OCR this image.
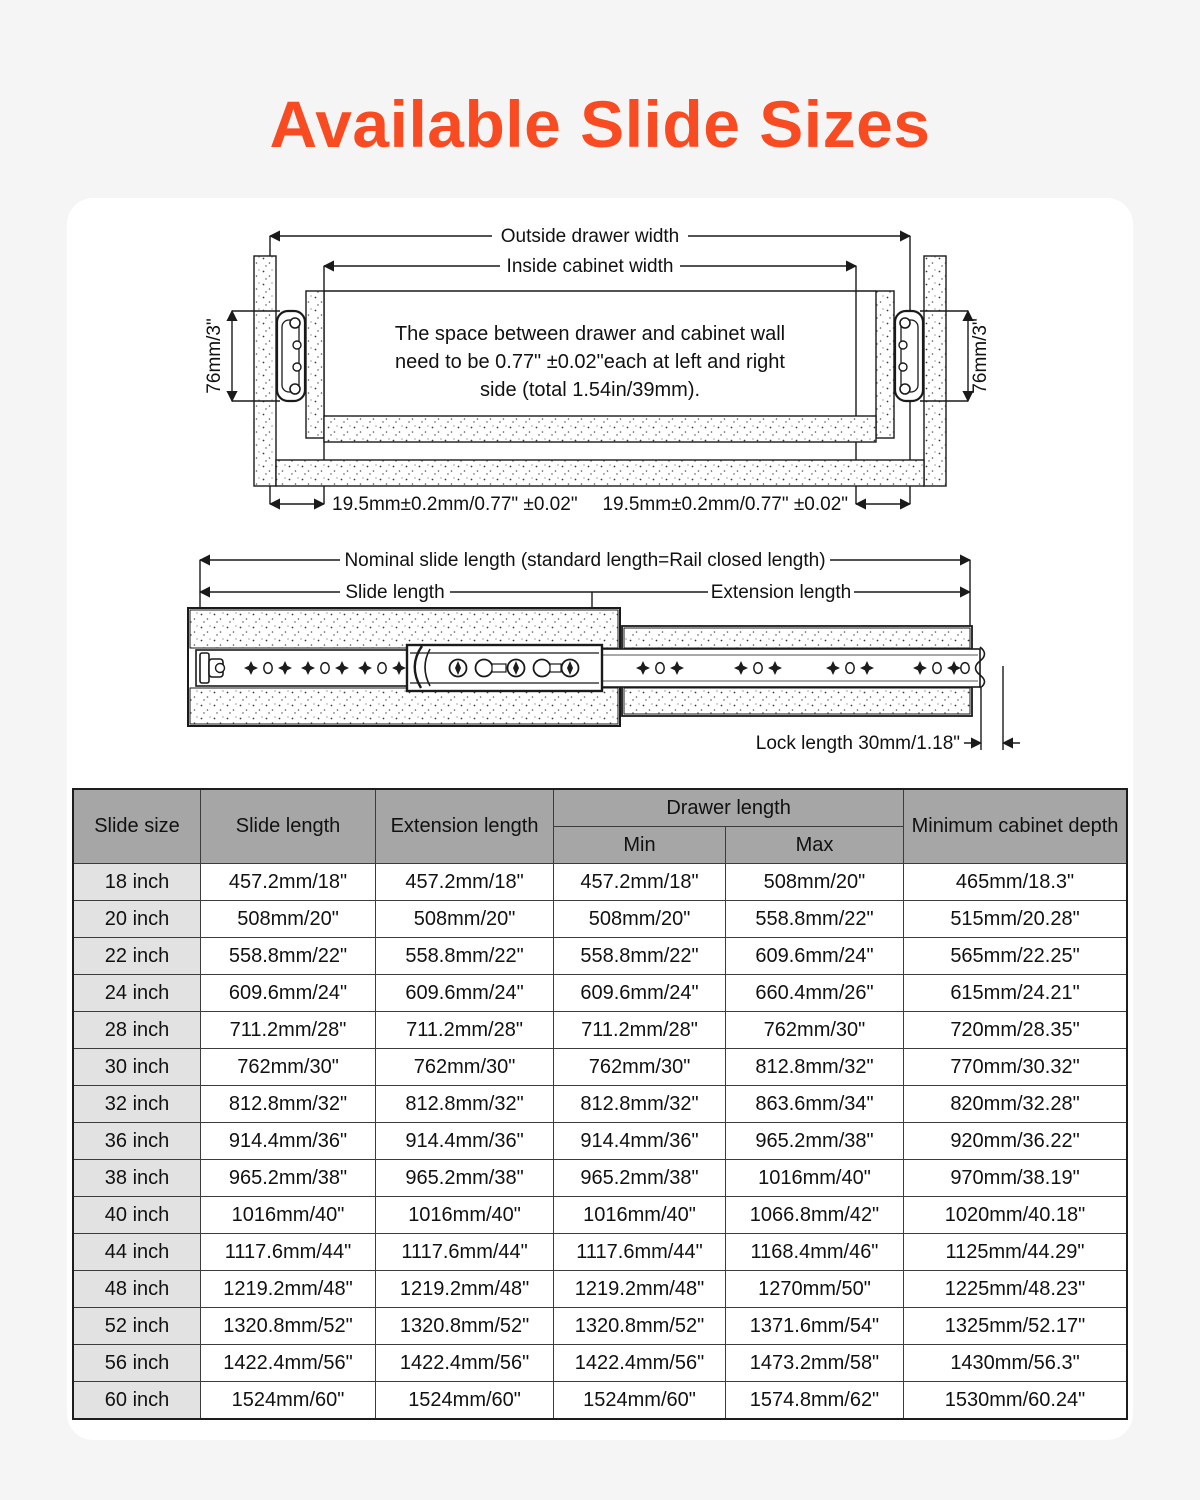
Available Slide Sizes
Outside drawer width
Inside cabinet width
76mm/3"	76mm/3"
The space between drawer and cabinet wall
need to be 0.77" ±0.02"each at left and right
side (total 1.54in/39mm).
19.5mm±0.2mm/0.77" ±0.02" 19.5mm±0.2mm/0.77" ±0.02"
Nominal slide length (standard length=Rail closed length)
Slide length	Extension length
Lock length 30mm/1.18"
Slide size	Slide length	Extension length	Drawer length		Minimum cabinet depth
			Min	Max	
18 inch	457.2mm/18"	457.2mm/18"	457.2mm/18"	508mm/20"	465mm/18.3"
20 inch	508mm/20"	508mm/20"	508mm/20"	558.8mm/22"	515mm/20.28"
22 inch	558.8mm/22"	558.8mm/22"	558.8mm/22"	609.6mm/24"	565mm/22.25"
24 inch	609.6mm/24"	609.6mm/24"	609.6mm/24"	660.4mm/26"	615mm/24.21"
28 inch	711.2mm/28"	711.2mm/28"	711.2mm/28"	762mm/30"	720mm/28.35"
30 inch	762mm/30"	762mm/30"	762mm/30"	812.8mm/32"	770mm/30.32"
32 inch	812.8mm/32"	812.8mm/32"	812.8mm/32"	863.6mm/34"	820mm/32.28"
36 inch	914.4mm/36"	914.4mm/36"	914.4mm/36"	965.2mm/38"	920mm/36.22"
38 inch	965.2mm/38"	965.2mm/38"	965.2mm/38"	1016mm/40"	970mm/38.19"
40 inch	1016mm/40"	1016mm/40"	1016mm/40"	1066.8mm/42"	1020mm/40.18"
44 inch	1117.6mm/44"	1117.6mm/44"	1117.6mm/44"	1168.4mm/46"	1125mm/44.29"
48 inch	1219.2mm/48"	1219.2mm/48"	1219.2mm/48"	1270mm/50"	1225mm/48.23"
52 inch	1320.8mm/52"	1320.8mm/52"	1320.8mm/52"	1371.6mm/54"	1325mm/52.17"
56 inch	1422.4mm/56"	1422.4mm/56"	1422.4mm/56"	1473.2mm/58"	1430mm/56.3"
60 inch	1524mm/60"	1524mm/60"	1524mm/60"	1574.8mm/62"	1530mm/60.24"
